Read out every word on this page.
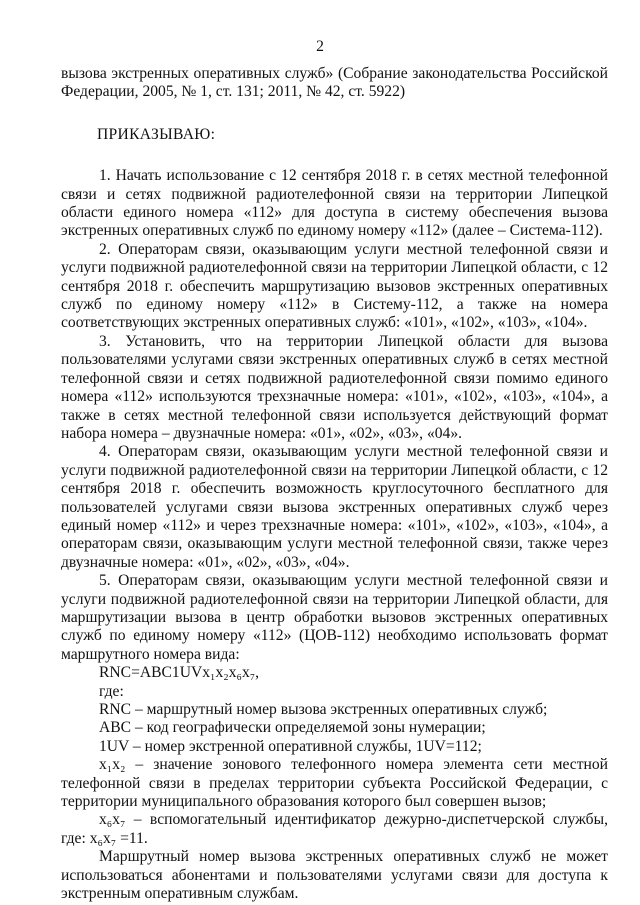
2

вызова экстренных оперативных служб» (Собрание законодательства Российской Федерации, 2005, № 1, ст. 131; 2011, № 42, ст. 5922)

ПРИКАЗЫВАЮ:

1. Начать использование с 12 сентября 2018 г. в сетях местной телефонной связи и сетях подвижной радиотелефонной связи на территории Липецкой области единого номера «112» для доступа в систему обеспечения вызова экстренных оперативных служб по единому номеру «112» (далее – Система-112).

2. Операторам связи, оказывающим услуги местной телефонной связи и услуги подвижной радиотелефонной связи на территории Липецкой области, с 12 сентября 2018 г. обеспечить маршрутизацию вызовов экстренных оперативных служб по единому номеру «112» в Систему-112, а также на номера соответствующих экстренных оперативных служб: «101», «102», «103», «104».

3. Установить, что на территории Липецкой области для вызова пользователями услугами связи экстренных оперативных служб в сетях местной телефонной связи и сетях подвижной радиотелефонной связи помимо единого номера «112» используются трехзначные номера: «101», «102», «103», «104», а также в сетях местной телефонной связи используется действующий формат набора номера – двузначные номера: «01», «02», «03», «04».

4. Операторам связи, оказывающим услуги местной телефонной связи и услуги подвижной радиотелефонной связи на территории Липецкой области, с 12 сентября 2018 г. обеспечить возможность круглосуточного бесплатного для пользователей услугами связи вызова экстренных оперативных служб через единый номер «112» и через трехзначные номера: «101», «102», «103», «104», а операторам связи, оказывающим услуги местной телефонной связи, также через двузначные номера: «01», «02», «03», «04».

5. Операторам связи, оказывающим услуги местной телефонной связи и услуги подвижной радиотелефонной связи на территории Липецкой области, для маршрутизации вызова в центр обработки вызовов экстренных оперативных служб по единому номеру «112» (ЦОВ-112) необходимо использовать формат маршрутного номера вида:

RNC=ABC1UVx₁x₂x₆x₇,

где:

RNC – маршрутный номер вызова экстренных оперативных служб;

ABC – код географически определяемой зоны нумерации;

1UV – номер экстренной оперативной службы, 1UV=112;

x₁x₂ – значение зонового телефонного номера элемента сети местной телефонной связи в пределах территории субъекта Российской Федерации, с территории муниципального образования которого был совершен вызов;

x₆x₇ – вспомогательный идентификатор дежурно-диспетчерской службы, где: x₆x₇ =11.

Маршрутный номер вызова экстренных оперативных служб не может использоваться абонентами и пользователями услугами связи для доступа к экстренным оперативным службам.
